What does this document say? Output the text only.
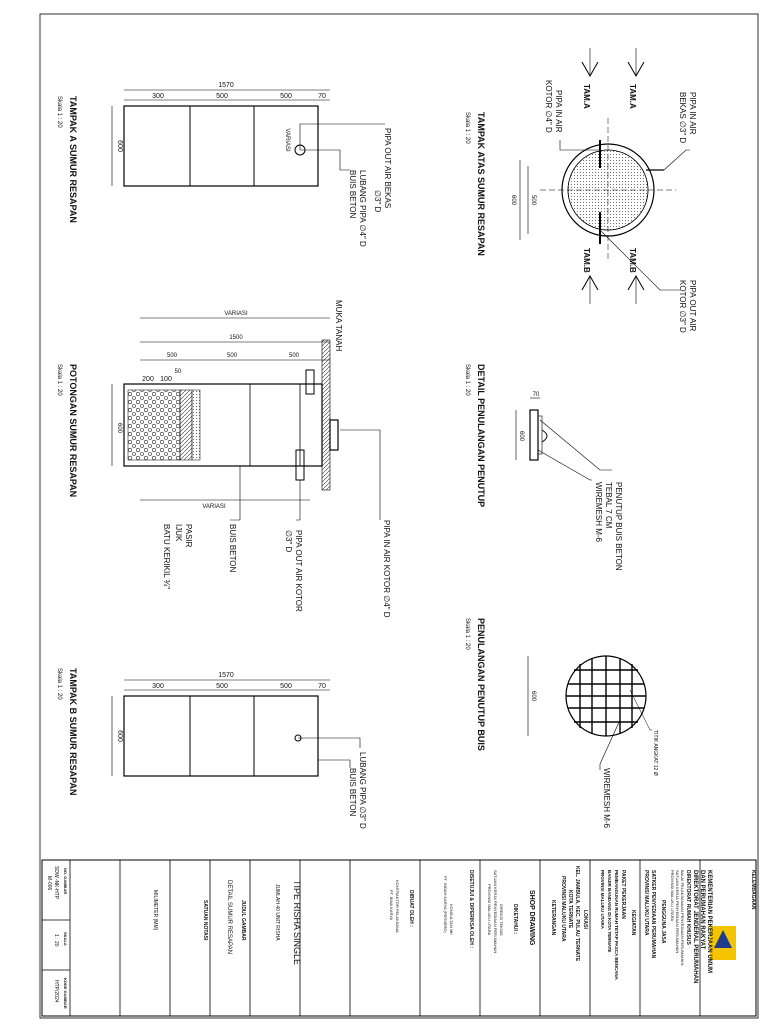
1570
300	500	500	70
600	VARIASI	PIPA OUT AIR BEKAS
∅3" D
LUBANG PIPA ∅4" D
BUIS BETON
TAMPAK A SUMUR RESAPAN
Skala 1 : 20
600 500
TAM.A	TAM.A
TAM.B	TAM.B
PIPA IN AIR
BEKAS ∅3" D
PIPA IN AIR
KOTOR ∅4" D
PIPA OUT AIR
KOTOR ∅3" D
TAMPAK ATAS SUMUR RESAPAN
Skala 1 : 20
VARIASI
1500
500	500	500
200 100
50
600
MUKA TANAH
VARIASI
PIPA IN AIR KOTOR ∅4" D
PIPA OUT AIR KOTOR
∅3" D
BUIS BETON
PASIR
IJUK
BATU KERIKIL ¾"
POTONGAN SUMUR RESAPAN
Skala 1 : 20	70
600
PENUTUP BUIS BETON
TEBAL 7 CM
WIREMESH M-6
DETAIL PENULANGAN PENUTUP
Skala 1 : 20
600
TITIK ANGKAT 12 Ø
WIREMESH M-6
PENULANGAN PENUTUP BUIS
Skala 1 : 20
1570
300	500	500	70
600
LUBANG PIPA ∅3" D
BUIS BETON
TAMPAK B SUMUR RESAPAN
Skala 1 : 20
KELEMBAGAAN
KEMENTERIAN PEKERJAAN UMUM
DAN PERUMAHAN RAKYAT
DIREKTORAT JENDERAL PERUMAHAN
DIREKTORAT RUMAH KHUSUS
BALAI PELAKSANAAN PENYEDIAAN PERUMAHAN
SATUAN KERJA PENYEDIAAN PERUMAHAN
PROVINSI MALUKU UTARA
PENGGUNA JASA
SATKER PENYEDIAAN PERUMAHAN
PROVINSI MALUKU UTARA
KEGIATAN
PAKET PEKERJAAN
PEMBANGUNAN RUMAH TETAP PASCA BENCANA
BANJIR BANDANG DI KOTA TERNATE
PROVINSI MALUKU UTARA
LOKASI
KEL. JAMBULA, KEC. PULAU TERNATE
KOTA TERNATE
PROVINSI MALUKU UTARA
KETERANGAN
SHOP DRAWING
DIKETAHUI :
DIREKSI TEKNIS
SATUAN KERJA PENYEDIAAN PERUMAHAN
PROVINSI MALUKU UTARA
DISETUJUI & DIPERIKSA OLEH :
KONSULTAN MK
PT. INDAH KARYA (PERSERO)
DIBUAT OLEH :
KONTRAKTOR PELAKSANA
PT. BINA KARYA
TIPE RISHA SINGLE
JUMLAH 40 UNIT RISHA
JUDUL GAMBAR
DETAIL SUMUR RESAPAN
SATUAN NOTASI
MILIMETER (MM)
NO. GAMBAR
SKALA
KODE GAMBAR
SDW.-NK-HTP
1 : 20
HTP/2024
M-006
